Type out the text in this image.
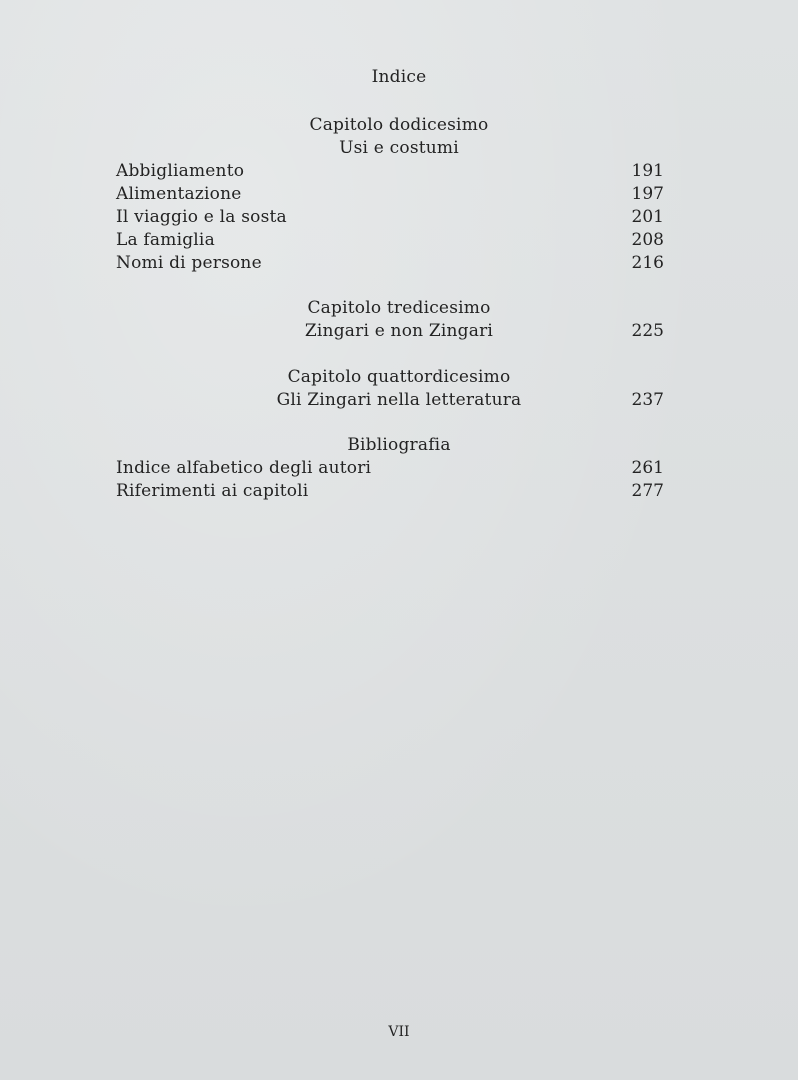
Indice
Capitolo dodicesimo
Usi e costumi
Abbigliamento	191
Alimentazione	197
Il viaggio e la sosta	201
La famiglia	208
Nomi di persone	216
Capitolo tredicesimo
Zingari e non Zingari	225
Capitolo quattordicesimo
Gli Zingari nella letteratura	237
Bibliografia
Indice alfabetico degli autori	261
Riferimenti ai capitoli	277
VII
